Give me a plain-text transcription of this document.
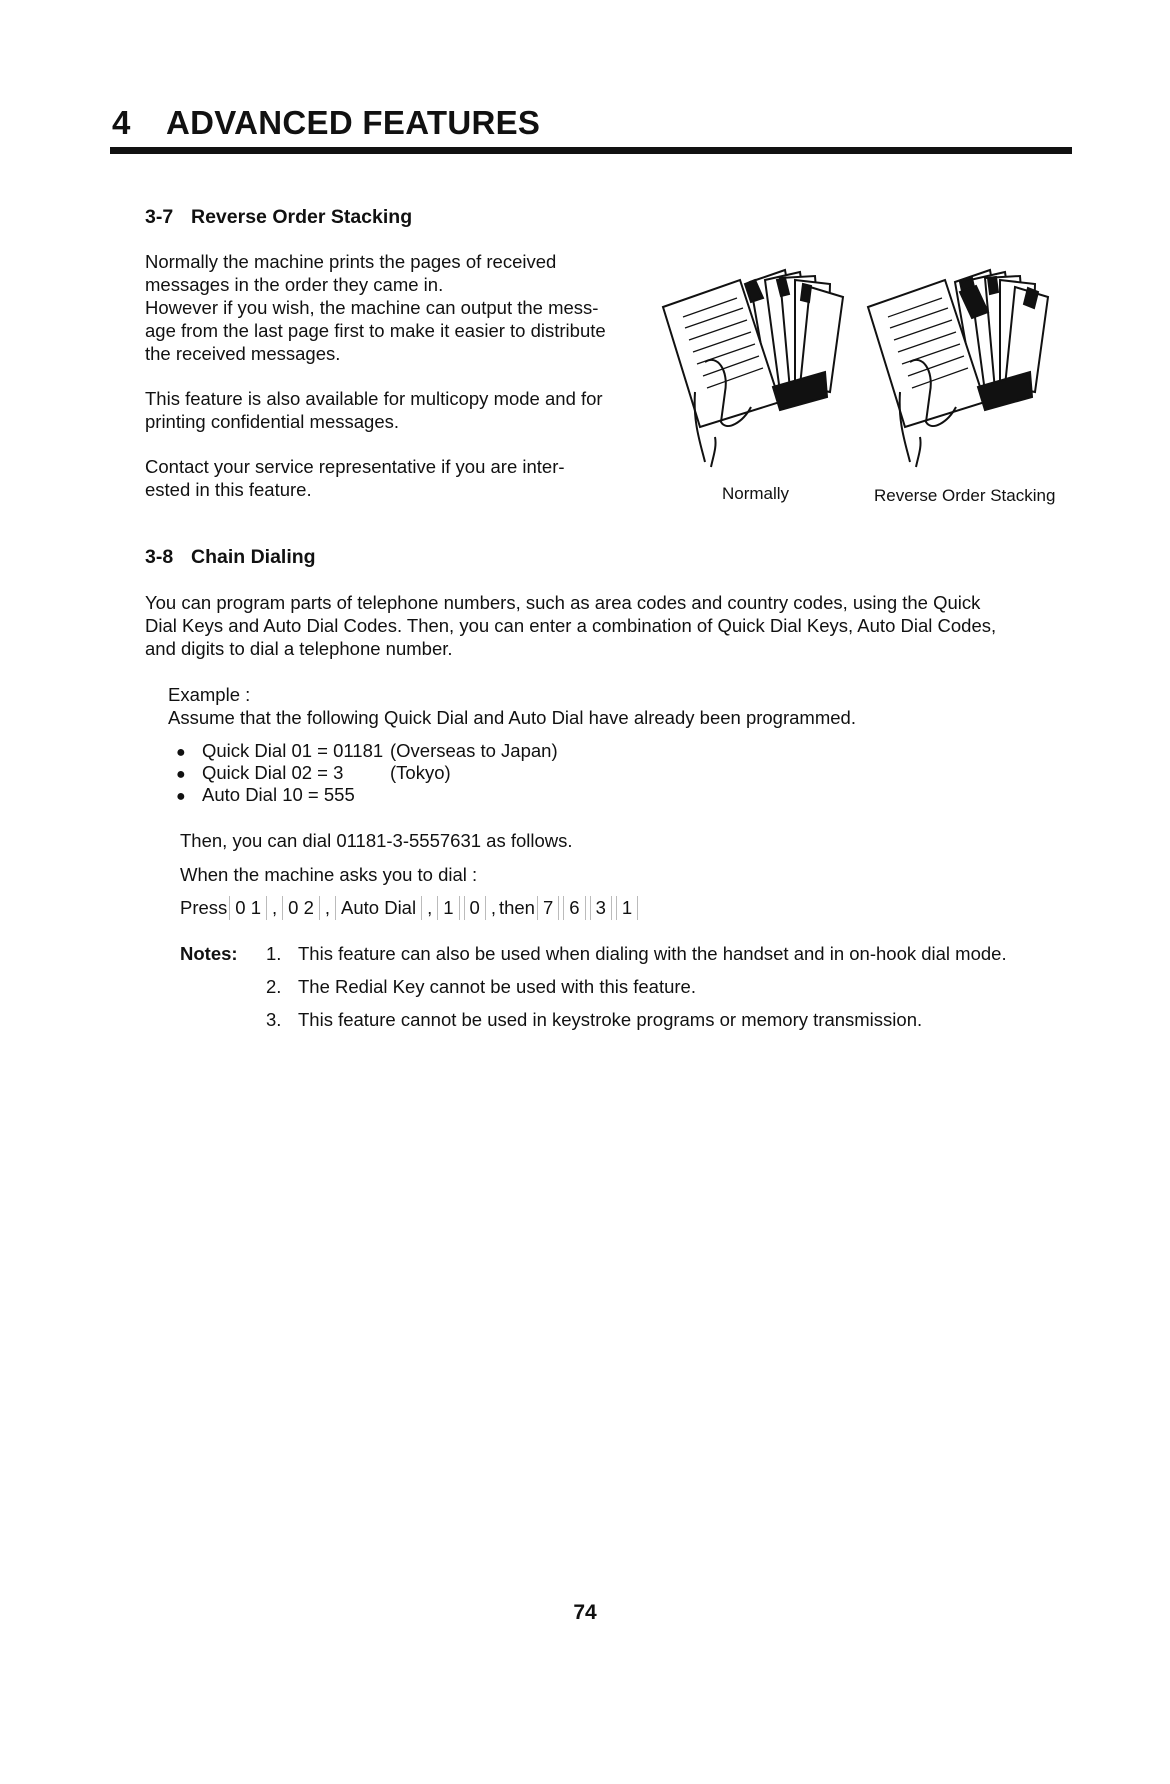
4 ADVANCED FEATURES
3-7 Reverse Order Stacking
Normally the machine prints the pages of received
messages in the order they came in.
However if you wish, the machine can output the mess-
age from the last page first to make it easier to distribute
the received messages.
This feature is also available for multicopy mode and for
printing confidential messages.
Contact your service representative if you are inter-
ested in this feature.	Normally	Reverse Order Stacking
3-8 Chain Dialing
You can program parts of telephone numbers, such as area codes and country codes, using the Quick
Dial Keys and Auto Dial Codes. Then, you can enter a combination of Quick Dial Keys, Auto Dial Codes,
and digits to dial a telephone number.
Example :
Assume that the following Quick Dial and Auto Dial have already been programmed.
● Quick Dial 01 = 01181 (Overseas to Japan)
● Quick Dial 02 = 3	(Tokyo)
● Auto Dial 10 = 555
Then, you can dial 01181-3-5557631 as follows.
When the machine asks you to dial :
Press 0 1 , 0 2 , Auto Dial , 1 0 , then 7 6 3 1
Notes: 1. This feature can also be used when dialing with the handset and in on-hook dial mode.
2. The Redial Key cannot be used with this feature.
3. This feature cannot be used in keystroke programs or memory transmission.
74
